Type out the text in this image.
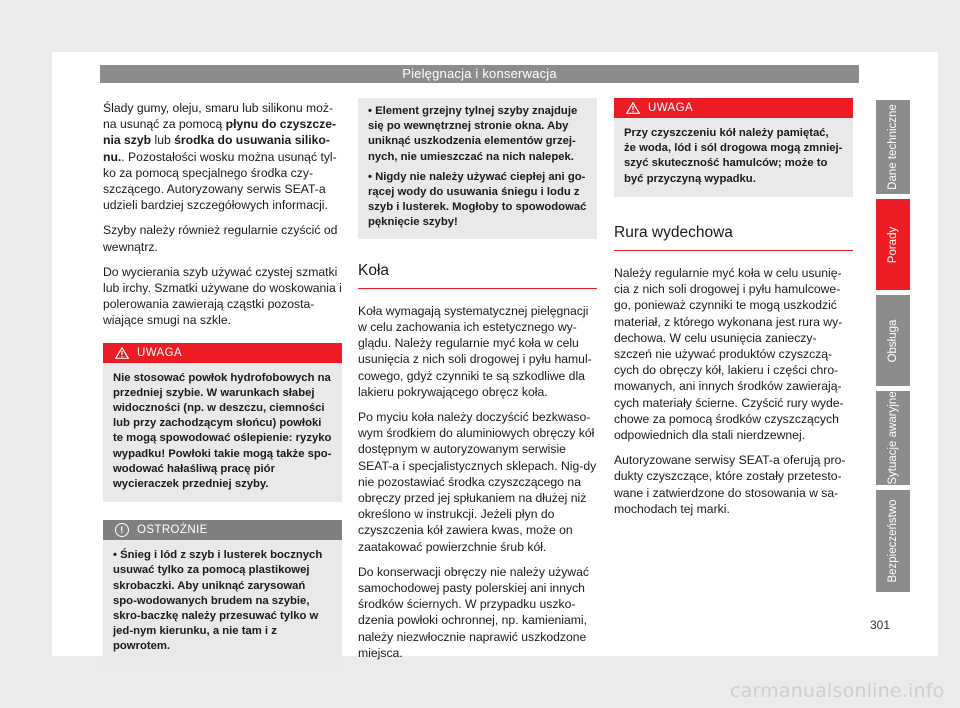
Pielęgnacja i konserwacja

Ślady gumy, oleju, smaru lub silikonu moż-na usunąć za pomocą płynu do czyszcze-nia szyb lub środka do usuwania siliko-nu.. Pozostałości wosku można usunąć tyl-ko za pomocą specjalnego środka czy-szczącego. Autoryzowany serwis SEAT-a udzieli bardziej szczegółowych informacji.

Szyby należy również regularnie czyścić od wewnątrz.

Do wycierania szyb używać czystej szmatki lub irchy. Szmatki używane do woskowania i polerowania zawierają cząstki pozosta-wiające smugi na szkle.

UWAGA
Nie stosować powłok hydrofobowych na przedniej szybie. W warunkach słabej widoczności (np. w deszczu, ciemności lub przy zachodzącym słońcu) powłoki te mogą spowodować oślepienie: ryzyko wypadku! Powłoki takie mogą także spo-wodować hałaśliwą pracę piór wycieraczek przedniej szyby.
!	OSTROŻNIE
• Śnieg i lód z szyb i lusterek bocznych usuwać tylko za pomocą plastikowej skrobaczki. Aby uniknąć zarysowań spo-wodowanych brudem na szybie, skro-baczkę należy przesuwać tylko w jed-nym kierunku, a nie tam i z powrotem.

• Element grzejny tylnej szyby znajduje się po wewnętrznej stronie okna. Aby uniknąć uszkodzenia elementów grzej-nych, nie umieszczać na nich nalepek.

• Nigdy nie należy używać ciepłej ani go-rącej wody do usuwania śniegu i lodu z szyb i lusterek. Mogłoby to spowodować pęknięcie szyby!

Koła

Koła wymagają systematycznej pielęgnacji w celu zachowania ich estetycznego wy-glądu. Należy regularnie myć koła w celu usunięcia z nich soli drogowej i pyłu hamul-cowego, gdyż czynniki te są szkodliwe dla lakieru pokrywającego obręcz koła.

Po myciu koła należy doczyścić bezkwaso-wym środkiem do aluminiowych obręczy kół dostępnym w autoryzowanym serwisie SEAT-a i specjalistycznych sklepach. Nig-dy nie pozostawiać środka czyszczącego na obręczy przed jej spłukaniem na dłużej niż określono w instrukcji. Jeżeli płyn do czyszczenia kół zawiera kwas, może on zaatakować powierzchnie śrub kół.

Do konserwacji obręczy nie należy używać samochodowej pasty polerskiej ani innych środków ściernych. W przypadku uszko-dzenia powłoki ochronnej, np. kamieniami, należy niezwłocznie naprawić uszkodzone miejsca.

UWAGA
Przy czyszczeniu kół należy pamiętać, że woda, lód i sól drogowa mogą zmniej-szyć skuteczność hamulców; może to być przyczyną wypadku.
Rura wydechowa

Należy regularnie myć koła w celu usunię-cia z nich soli drogowej i pyłu hamulcowe-go, ponieważ czynniki te mogą uszkodzić materiał, z którego wykonana jest rura wy-dechowa. W celu usunięcia zanieczy-szczeń nie używać produktów czyszczą-cych do obręczy kół, lakieru i części chro-mowanych, ani innych środków zawierają-cych materiały ścierne. Czyścić rury wyde-chowe za pomocą środków czyszczących odpowiednich dla stali nierdzewnej.

Autoryzowane serwisy SEAT-a oferują pro-dukty czyszczące, które zostały przetesto-wane i zatwierdzone do stosowania w sa-mochodach tej marki.

Dane techniczne
Porady
Obsługa
Sytuacje awaryjne
Bezpieczeństwo
301
carmanualsonline.info
